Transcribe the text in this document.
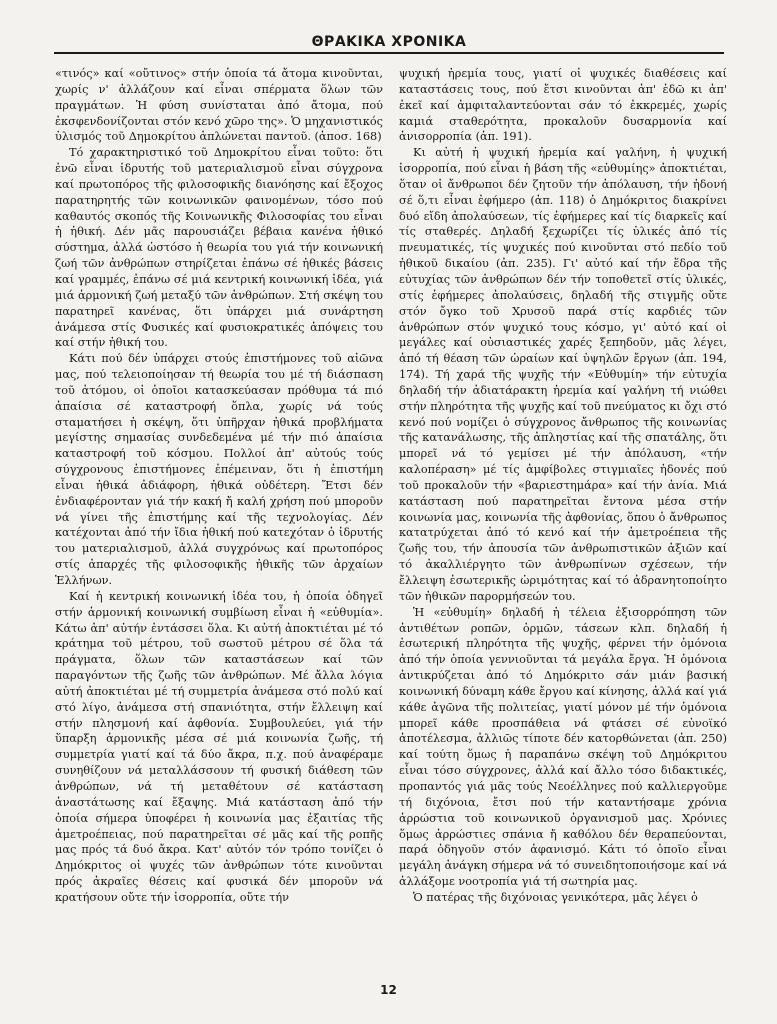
ΘΡΑΚΙΚΑ ΧΡΟΝΙΚΑ

«τινός» καί «οὔτινος» στήν ὁποία τά ἄτομα κινοῦνται, χωρίς ν' ἀλλάζουν καί εἶναι σπέρματα ὅλων τῶν πραγμάτων. Ἡ φύση συνίσταται ἀπό ἄτομα, πού ἐκσφενδονίζονται στόν κενό χῶρο της». Ὁ μηχανιστικός ὑλισμός τοῦ Δημοκρίτου ἁπλώνεται παντοῦ. (ἀποσ. 168)

Τό χαρακτηριστικό τοῦ Δημοκρίτου εἶναι τοῦτο: ὅτι ἐνῶ εἶναι ἱδρυτής τοῦ ματεριαλισμοῦ εἶναι σύγχρονα καί πρωτοπόρος τῆς φιλοσοφικῆς διανόησης καί ἔξοχος παρατηρητής τῶν κοινωνικῶν φαινομένων, τόσο πού καθαυτός σκοπός τῆς Κοινωνικῆς Φιλοσοφίας του εἶναι ἡ ἠθική. Δέν μᾶς παρουσιάζει βέβαια κανένα ἠθικό σύστημα, ἀλλά ὡστόσο ἡ θεωρία του γιά τήν κοινωνική ζωή τῶν ἀνθρώπων στηρίζεται ἐπάνω σέ ἠθικές βάσεις καί γραμμές, ἐπάνω σέ μιά κεντρική κοινωνική ἰδέα, γιά μιά ἁρμονική ζωή μεταξύ τῶν ἀνθρώπων. Στή σκέψη του παρατηρεῖ κανένας, ὅτι ὑπάρχει μιά συνάρτηση ἀνάμεσα στίς Φυσικές καί φυσιοκρατικές ἀπόψεις του καί στήν ἠθική του.

Κάτι πού δέν ὑπάρχει στούς ἐπιστήμονες τοῦ αἰῶνα μας, πού τελειοποίησαν τή θεωρία του μέ τή διάσπαση τοῦ ἀτόμου, οἱ ὁποῖοι κατασκεύασαν πρόθυμα τά πιό ἀπαίσια σέ καταστροφή ὅπλα, χωρίς νά τούς σταματήσει ἡ σκέψη, ὅτι ὑπῆρχαν ἠθικά προβλήματα μεγίστης σημασίας συνδεδεμένα μέ τήν πιό ἀπαίσια καταστροφή τοῦ κόσμου. Πολλοί ἀπ' αὐτούς τούς σύγχρονους ἐπιστήμονες ἐπέμειναν, ὅτι ἡ ἐπιστήμη εἶναι ἠθικά ἀδιάφορη, ἠθικά οὐδέτερη. Ἔτσι δέν ἐνδιαφέρονταν γιά τήν κακή ἤ καλή χρήση πού μποροῦν νά γίνει τῆς ἐπιστήμης καί τῆς τεχνολογίας. Δέν κατέχονται ἀπό τήν ἴδια ἠθική πού κατεχόταν ὁ ἱδρυτής του ματεριαλισμοῦ, ἀλλά συγχρόνως καί πρωτοπόρος στίς ἀπαρχές τῆς φιλοσοφικῆς ἠθικῆς τῶν ἀρχαίων Ἑλλήνων.

Καί ἡ κεντρική κοινωνική ἰδέα του, ἡ ὁποία ὁδηγεῖ στήν ἁρμονική κοινωνική συμβίωση εἶναι ἡ «εὐθυμία». Κάτω ἀπ' αὐτήν ἐντάσσει ὅλα. Κι αὐτή ἀποκτιέται μέ τό κράτημα τοῦ μέτρου, τοῦ σωστοῦ μέτρου σέ ὅλα τά πράγματα, ὅλων τῶν καταστάσεων καί τῶν παραγόντων τῆς ζωῆς τῶν ἀνθρώπων. Μέ ἄλλα λόγια αὐτή ἀποκτιέται μέ τή συμμετρία ἀνάμεσα στό πολύ καί στό λίγο, ἀνάμεσα στή σπανιότητα, στήν ἔλλειψη καί στήν πλησμονή καί ἀφθονία. Συμβουλεύει, γιά τήν ὕπαρξη ἁρμονικῆς μέσα σέ μιά κοινωνία ζωῆς, τή συμμετρία γιατί καί τά δύο ἄκρα, π.χ. πού ἀναφέραμε συνηθίζουν νά μεταλλάσσουν τή φυσική διάθεση τῶν ἀνθρώπων, νά τή μεταθέτουν σέ κατάσταση ἀναστάτωσης καί ἔξαψης. Μιά κατάσταση ἀπό τήν ὁποία σήμερα ὑποφέρει ἡ κοινωνία μας ἐξαιτίας τῆς ἀμετροέπειας, πού παρατηρεῖται σέ μᾶς καί τῆς ροπῆς μας πρός τά δυό ἄκρα. Κατ' αὐτόν τόν τρόπο τονίζει ὁ Δημόκριτος οἱ ψυχές τῶν ἀνθρώπων τότε κινοῦνται πρός ἀκραῖες θέσεις καί φυσικά δέν μποροῦν νά κρατήσουν οὔτε τήν ἰσορροπία, οὔτε τήν

ψυχική ἠρεμία τους, γιατί οἱ ψυχικές διαθέσεις καί καταστάσεις τους, πού ἔτσι κινοῦνται ἀπ' ἐδῶ κι ἀπ' ἐκεῖ καί ἀμφιταλαντεύονται σάν τό ἐκκρεμές, χωρίς καμιά σταθερότητα, προκαλοῦν δυσαρμονία καί ἀνισορροπία (ἀπ. 191).

Κι αὐτή ἡ ψυχική ἠρεμία καί γαλήνη, ἡ ψυχική ἰσορροπία, πού εἶναι ἡ βάση τῆς «εὐθυμίης» ἀποκτιέται, ὅταν οἱ ἄνθρωποι δέν ζητοῦν τήν ἀπόλαυση, τήν ἡδονή σέ ὅ,τι εἶναι ἐφήμερο (ἀπ. 118) ὁ Δημόκριτος διακρίνει δυό εἴδη ἀπολαύσεων, τίς ἐφήμερες καί τίς διαρκεῖς καί τίς σταθερές. Δηλαδή ξεχωρίζει τίς ὑλικές ἀπό τίς πνευματικές, τίς ψυχικές πού κινοῦνται στό πεδίο τοῦ ἠθικοῦ δικαίου (ἀπ. 235). Γι' αὐτό καί τήν ἕδρα τῆς εὐτυχίας τῶν ἀνθρώπων δέν τήν τοποθετεῖ στίς ὑλικές, στίς ἐφήμερες ἀπολαύσεις, δηλαδή τῆς στιγμῆς οὔτε στόν ὄγκο τοῦ Χρυσοῦ παρά στίς καρδιές τῶν ἀνθρώπων στόν ψυχικό τους κόσμο, γι' αὐτό καί οἱ μεγάλες καί οὐσιαστικές χαρές ξεπηδοῦν, μᾶς λέγει, ἀπό τή θέαση τῶν ὡραίων καί ὑψηλῶν ἔργων (ἀπ. 194, 174). Τή χαρά τῆς ψυχῆς τήν «Εὐθυμίη» τήν εὐτυχία δηλαδή τήν ἀδιατάρακτη ἠρεμία καί γαλήνη τή νιώθει στήν πληρότητα τῆς ψυχῆς καί τοῦ πνεύματος κι ὄχι στό κενό πού νομίζει ὁ σύγχρονος ἄνθρωπος τῆς κοινωνίας τῆς κατανάλωσης, τῆς ἀπληστίας καί τῆς σπατάλης, ὅτι μπορεῖ νά τό γεμίσει μέ τήν ἀπόλαυση, «τήν καλοπέραση» μέ τίς ἀμφίβολες στιγμιαῖες ἡδονές πού τοῦ προκαλοῦν τήν «βαριεστημάρα» καί τήν ἀνία. Μιά κατάσταση πού παρατηρεῖται ἔντονα μέσα στήν κοινωνία μας, κοινωνία τῆς ἀφθονίας, ὅπου ὁ ἄνθρωπος κατατρύχεται ἀπό τό κενό καί τήν ἀμετροέπεια τῆς ζωῆς του, τήν ἀπουσία τῶν ἀνθρωπιστικῶν ἀξιῶν καί τό ἀκαλλιέργητο τῶν ἀνθρωπίνων σχέσεων, τήν ἔλλειψη ἐσωτερικῆς ὡριμότητας καί τό ἀδρανητοποίητο τῶν ἠθικῶν παρορμήσεών του.

Ἡ «εὐθυμίη» δηλαδή ἡ τέλεια ἐξισορρόπηση τῶν ἀντιθέτων ροπῶν, ὁρμῶν, τάσεων κλπ. δηλαδή ἡ ἐσωτερική πληρότητα τῆς ψυχῆς, φέρνει τήν ὁμόνοια ἀπό τήν ὁποία γεννιοῦνται τά μεγάλα ἔργα. Ἡ ὁμόνοια ἀντικρύζεται ἀπό τό Δημόκριτο σάν μιάν βασική κοινωνική δύναμη κάθε ἔργου καί κίνησης, ἀλλά καί γιά κάθε ἀγῶνα τῆς πολιτείας, γιατί μόνον μέ τήν ὁμόνοια μπορεῖ κάθε προσπάθεια νά φτάσει σέ εὐνοϊκό ἀποτέλεσμα, ἀλλιῶς τίποτε δέν κατορθώνεται (ἀπ. 250) καί τούτη ὅμως ἡ παραπάνω σκέψη τοῦ Δημόκριτου εἶναι τόσο σύγχρονες, ἀλλά καί ἄλλο τόσο διδακτικές, προπαντός γιά μᾶς τούς Νεοέλληνες πού καλλιεργοῦμε τή διχόνοια, ἔτσι πού τήν καταντήσαμε χρόνια ἀρρώστια τοῦ κοινωνικοῦ ὀργανισμοῦ μας. Χρόνιες ὅμως ἀρρώστιες σπάνια ἤ καθόλου δέν θεραπεύονται, παρά ὁδηγοῦν στόν ἀφανισμό. Κάτι τό ὁποῖο εἶναι μεγάλη ἀνάγκη σήμερα νά τό συνειδητοποιήσομε καί νά ἀλλάξομε νοοτροπία γιά τή σωτηρία μας.

Ὁ πατέρας τῆς διχόνοιας γενικότερα, μᾶς λέγει ὁ

12
